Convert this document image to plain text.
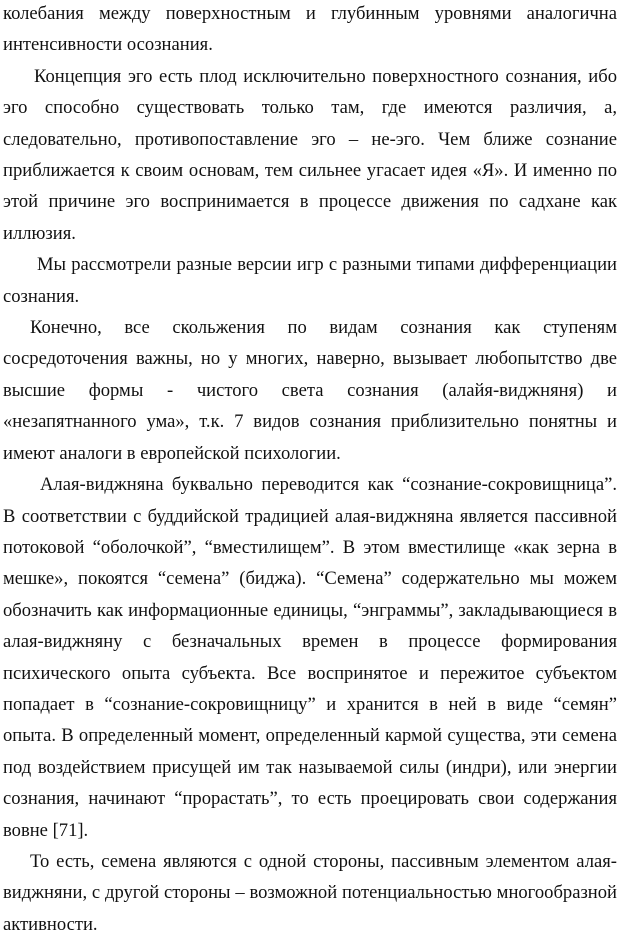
колебания между поверхностным и глубинным уровнями аналогична интенсивности осознания.

Концепция эго есть плод исключительно поверхностного сознания, ибо эго способно существовать только там, где имеются различия, а, следовательно, противопоставление эго – не-эго. Чем ближе сознание приближается к своим основам, тем сильнее угасает идея «Я». И именно по этой причине эго воспринимается в процессе движения по садхане как иллюзия.

Мы рассмотрели разные версии игр с разными типами дифференциации сознания.

Конечно, все скольжения по видам сознания как ступеням сосредоточения важны, но у многих, наверно, вызывает любопытство две высшие формы - чистого света сознания (алайя-виджняня) и «незапятнанного ума», т.к. 7 видов сознания приблизительно понятны и имеют аналоги в европейской психологии.

Алая-виджняна буквально переводится как “сознание-сокровищница”. В соответствии с буддийской традицией алая-виджняна является пассивной потоковой “оболочкой”, “вместилищем”. В этом вместилище «как зерна в мешке», покоятся “семена” (биджа). “Семена” содержательно мы можем обозначить как информационные единицы, “энграммы”, закладывающиеся в алая-виджняну с безначальных времен в процессе формирования психического опыта субъекта. Все воспринятое и пережитое субъектом попадает в “сознание-сокровищницу” и хранится в ней в виде “семян” опыта. В определенный момент, определенный кармой существа, эти семена под воздействием присущей им так называемой силы (индри), или энергии сознания, начинают “прорастать”, то есть проецировать свои содержания вовне [71].

То есть, семена являются с одной стороны, пассивным элементом алая-виджняни, с другой стороны – возможной потенциальностью многообразной активности.
